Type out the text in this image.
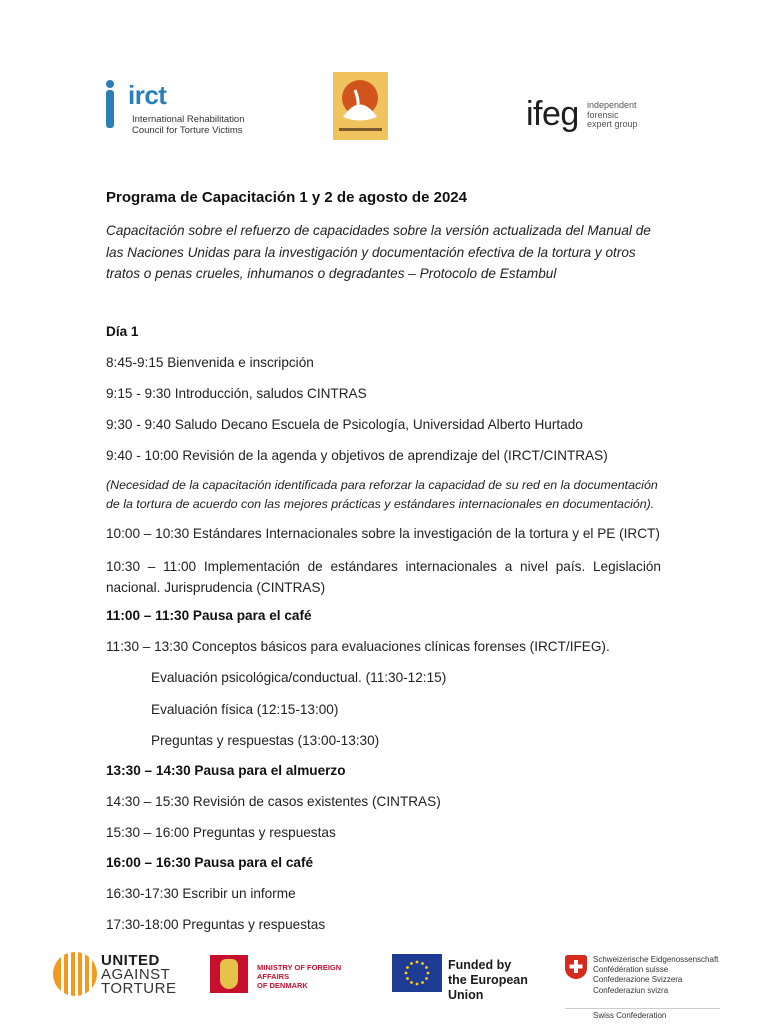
irct
International Rehabilitation
Council for Torture Victims	ifeg independent
forensic
expert group
Programa de Capacitación 1 y 2 de agosto de 2024
Capacitación sobre el refuerzo de capacidades sobre la versión actualizada del Manual de las Naciones Unidas para la investigación y documentación efectiva de la tortura y otros tratos o penas crueles, inhumanos o degradantes – Protocolo de Estambul
Día 1
8:45-9:15 Bienvenida e inscripción
9:15 - 9:30 Introducción, saludos CINTRAS
9:30 - 9:40 Saludo Decano Escuela de Psicología, Universidad Alberto Hurtado
9:40 - 10:00 Revisión de la agenda y objetivos de aprendizaje del (IRCT/CINTRAS)
(Necesidad de la capacitación identificada para reforzar la capacidad de su red en la documentación de la tortura de acuerdo con las mejores prácticas y estándares internacionales en documentación).
10:00 – 10:30 Estándares Internacionales sobre la investigación de la tortura y el PE (IRCT)
10:30 – 11:00 Implementación de estándares internacionales a nivel país. Legislación nacional. Jurisprudencia (CINTRAS)
11:00 – 11:30 Pausa para el café
11:30 – 13:30 Conceptos básicos para evaluaciones clínicas forenses (IRCT/IFEG).
Evaluación psicológica/conductual. (11:30-12:15)
Evaluación física (12:15-13:00)
Preguntas y respuestas (13:00-13:30)
13:30 – 14:30 Pausa para el almuerzo
14:30 – 15:30 Revisión de casos existentes (CINTRAS)
15:30 – 16:00 Preguntas y respuestas
16:00 – 16:30 Pausa para el café
16:30-17:30 Escribir un informe
17:30-18:00 Preguntas y respuestas
UNITED
AGAINST
TORTURE
MINISTRY OF FOREIGN AFFAIRS
OF DENMARK
Funded by
the European Union
Schweizerische Eidgenossenschaft
Confédération suisse
Confederazione Svizzera
Confederaziun svizra
Swiss Confederation
